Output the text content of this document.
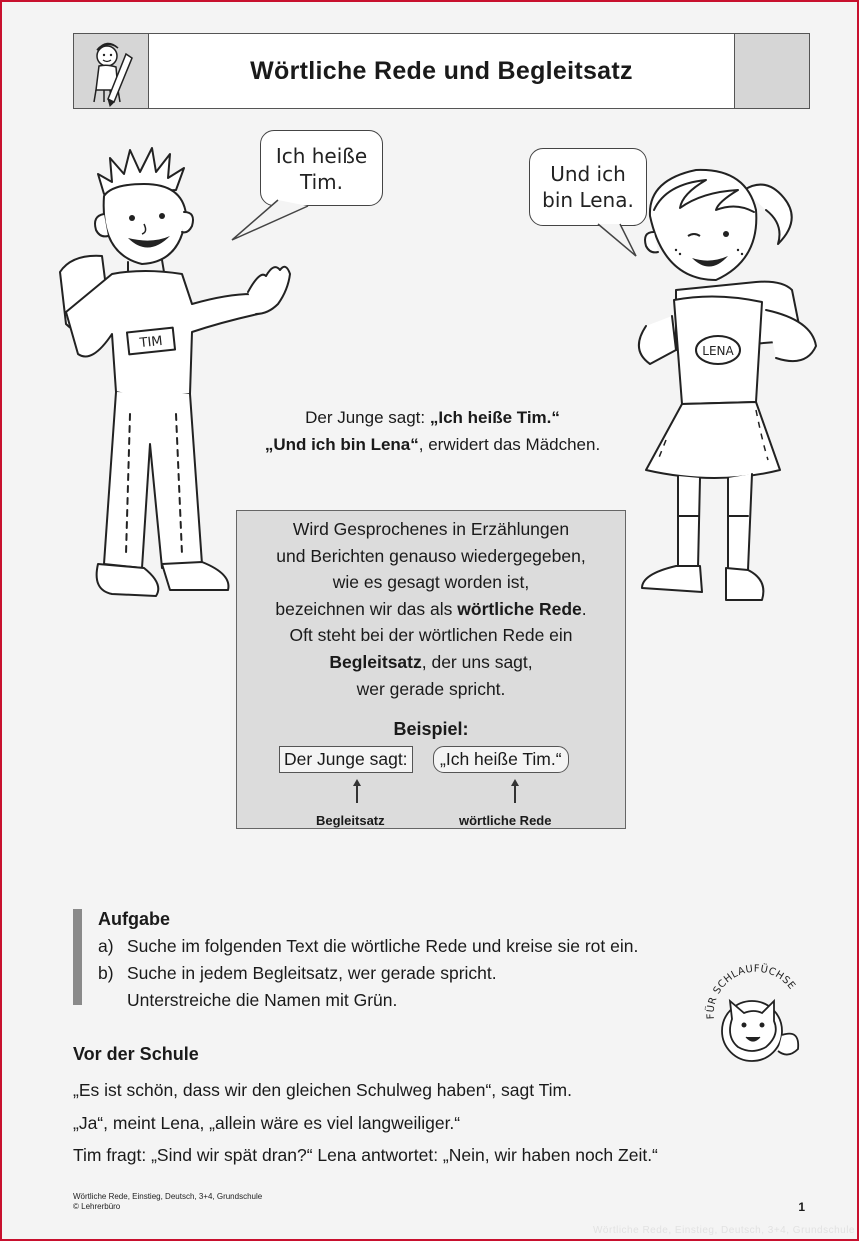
Wörtliche Rede und Begleitsatz
Ich heiße
Tim.	Und ich
bin Lena.
TIM	LENA
Der Junge sagt: „Ich heiße Tim.“
„Und ich bin Lena“, erwidert das Mädchen.
Wird Gesprochenes in Erzählungen
und Berichten genauso wiedergegeben,
wie es gesagt worden ist,
bezeichnen wir das als wörtliche Rede.
Oft steht bei der wörtlichen Rede ein
Begleitsatz, der uns sagt,
wer gerade spricht.
Beispiel:
Der Junge sagt:	„Ich heiße Tim.“
Begleitsatz	wörtliche Rede
Aufgabe
a) Suche im folgenden Text die wörtliche Rede und kreise sie rot ein.
b) Suche in jedem Begleitsatz, wer gerade spricht.
Unterstreiche die Namen mit Grün.
FÜR SCHLAUFÜCHSE
Vor der Schule
„Es ist schön, dass wir den gleichen Schulweg haben“, sagt Tim.
„Ja“, meint Lena, „allein wäre es viel langweiliger.“
Tim fragt: „Sind wir spät dran?“ Lena antwortet: „Nein, wir haben noch Zeit.“
Wörtliche Rede, Einstieg, Deutsch, 3+4, Grundschule
© Lehrerbüro	1
Wörtliche Rede, Einstieg, Deutsch, 3+4, Grundschule
